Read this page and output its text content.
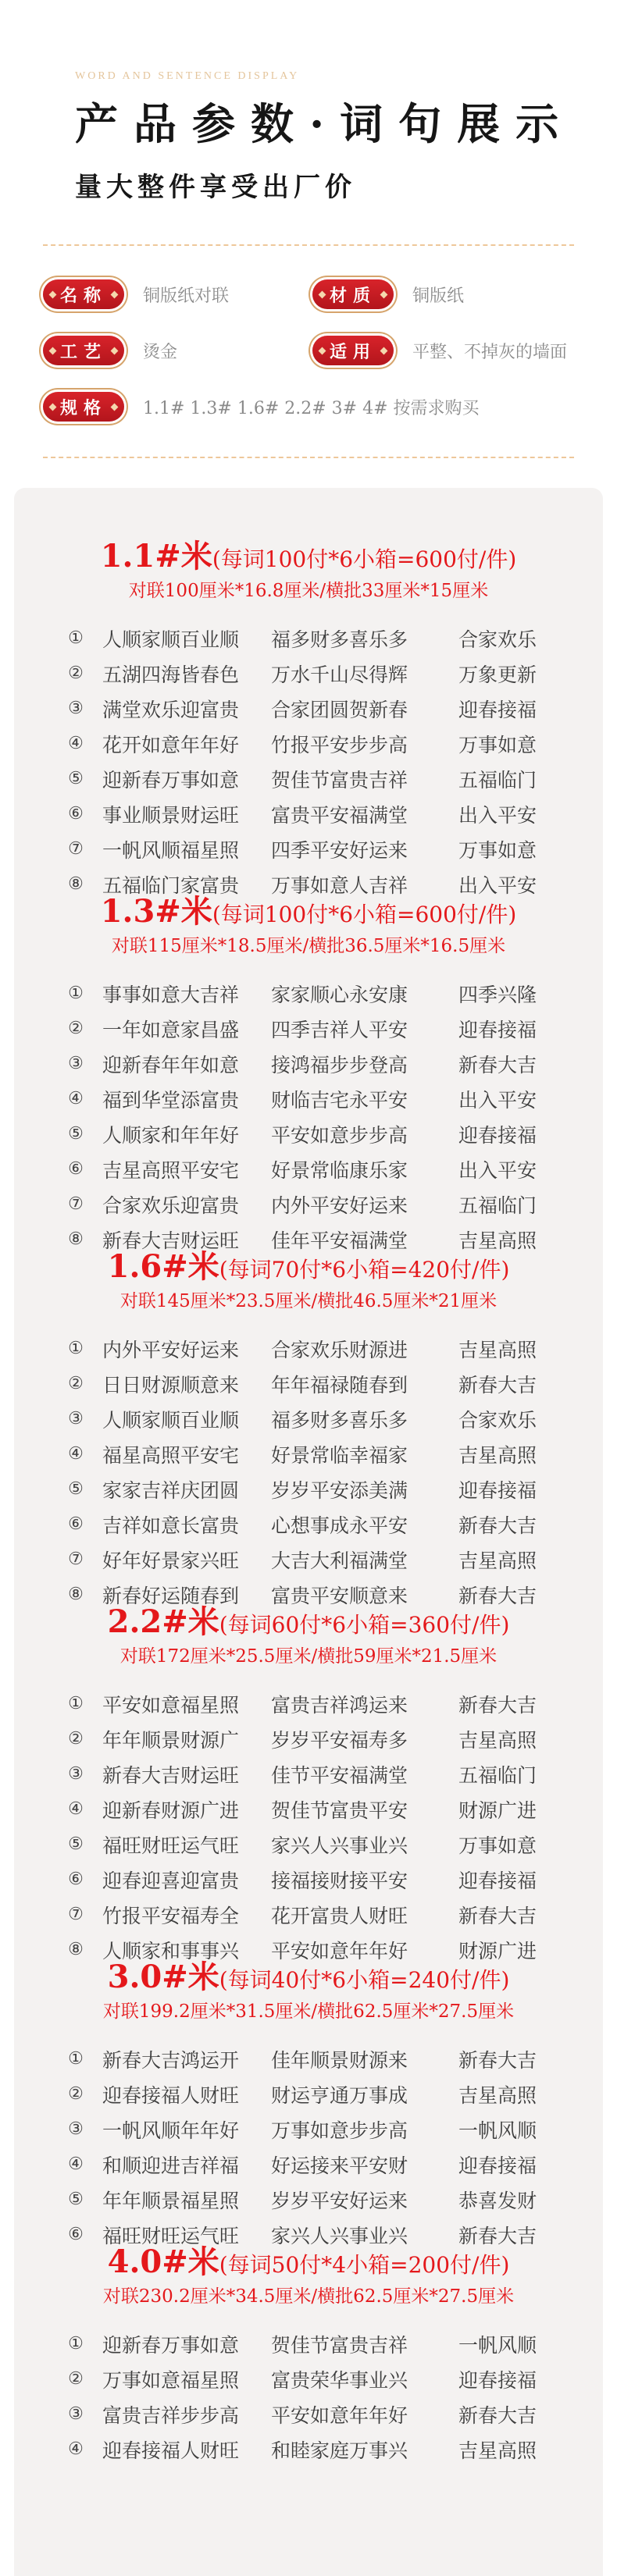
WORD AND SENTENCE DISPLAY

产品参数·词句展示
量大整件享受出厂价
名称	铜版纸对联	材质	铜版纸
工艺	烫金	适用	平整、不掉灰的墙面
规格	1.1# 1.3# 1.6# 2.2# 3# 4# 按需求购买

1.1#米(每词100付*6小箱=600付/件)

对联100厘米*16.8厘米/横批33厘米*15厘米

① 人顺家顺百业顺	福多财多喜乐多	合家欢乐
② 五湖四海皆春色	万水千山尽得辉	万象更新
③ 满堂欢乐迎富贵	合家团圆贺新春	迎春接福
④ 花开如意年年好	竹报平安步步高	万事如意
⑤ 迎新春万事如意	贺佳节富贵吉祥	五福临门
⑥ 事业顺景财运旺	富贵平安福满堂	出入平安
⑦ 一帆风顺福星照	四季平安好运来	万事如意
⑧ 五福临门家富贵	万事如意人吉祥	出入平安

1.3#米(每词100付*6小箱=600付/件)

对联115厘米*18.5厘米/横批36.5厘米*16.5厘米

① 事事如意大吉祥	家家顺心永安康	四季兴隆
② 一年如意家昌盛	四季吉祥人平安	迎春接福
③ 迎新春年年如意	接鸿福步步登高	新春大吉
④ 福到华堂添富贵	财临吉宅永平安	出入平安
⑤ 人顺家和年年好	平安如意步步高	迎春接福
⑥ 吉星高照平安宅	好景常临康乐家	出入平安
⑦ 合家欢乐迎富贵	内外平安好运来	五福临门
⑧ 新春大吉财运旺	佳年平安福满堂	吉星高照

1.6#米(每词70付*6小箱=420付/件)

对联145厘米*23.5厘米/横批46.5厘米*21厘米

① 内外平安好运来	合家欢乐财源进	吉星高照
② 日日财源顺意来	年年福禄随春到	新春大吉
③ 人顺家顺百业顺	福多财多喜乐多	合家欢乐
④ 福星高照平安宅	好景常临幸福家	吉星高照
⑤ 家家吉祥庆团圆	岁岁平安添美满	迎春接福
⑥ 吉祥如意长富贵	心想事成永平安	新春大吉
⑦ 好年好景家兴旺	大吉大利福满堂	吉星高照
⑧ 新春好运随春到	富贵平安顺意来	新春大吉

2.2#米(每词60付*6小箱=360付/件)

对联172厘米*25.5厘米/横批59厘米*21.5厘米

① 平安如意福星照	富贵吉祥鸿运来	新春大吉
② 年年顺景财源广	岁岁平安福寿多	吉星高照
③ 新春大吉财运旺	佳节平安福满堂	五福临门
④ 迎新春财源广进	贺佳节富贵平安	财源广进
⑤ 福旺财旺运气旺	家兴人兴事业兴	万事如意
⑥ 迎春迎喜迎富贵	接福接财接平安	迎春接福
⑦ 竹报平安福寿全	花开富贵人财旺	新春大吉
⑧ 人顺家和事事兴	平安如意年年好	财源广进

3.0#米(每词40付*6小箱=240付/件)

对联199.2厘米*31.5厘米/横批62.5厘米*27.5厘米

① 新春大吉鸿运开	佳年顺景财源来	新春大吉
② 迎春接福人财旺	财运亨通万事成	吉星高照
③ 一帆风顺年年好	万事如意步步高	一帆风顺
④ 和顺迎进吉祥福	好运接来平安财	迎春接福
⑤ 年年顺景福星照	岁岁平安好运来	恭喜发财
⑥ 福旺财旺运气旺	家兴人兴事业兴	新春大吉

4.0#米(每词50付*4小箱=200付/件)

对联230.2厘米*34.5厘米/横批62.5厘米*27.5厘米

① 迎新春万事如意	贺佳节富贵吉祥	一帆风顺
② 万事如意福星照	富贵荣华事业兴	迎春接福
③ 富贵吉祥步步高	平安如意年年好	新春大吉
④ 迎春接福人财旺	和睦家庭万事兴	吉星高照
